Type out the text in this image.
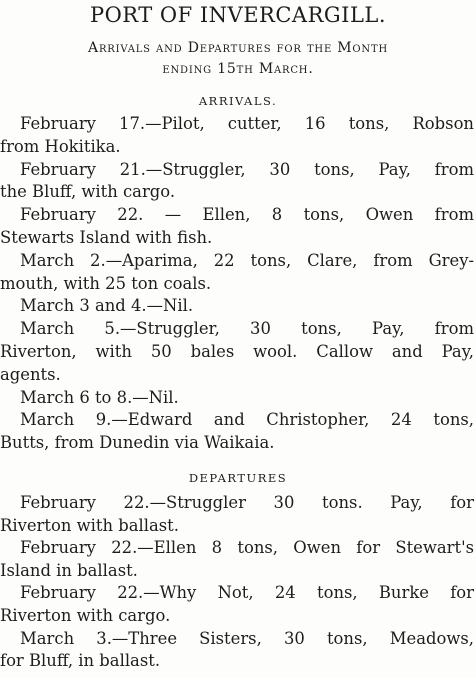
PORT OF INVERCARGILL.
Arrivals and Departures for the Month
ending 15th March.
ARRIVALS.
February 17.—Pilot, cutter, 16 tons, Robson
from Hokitika.
February 21.—Struggler, 30 tons, Pay, from
the Bluff, with cargo.
February 22. — Ellen, 8 tons, Owen from
Stewarts Island with fish.
March 2.—Aparima, 22 tons, Clare, from Grey-
mouth, with 25 ton coals.
March 3 and 4.—Nil.
March 5.—Struggler, 30 tons, Pay, from
Riverton, with 50 bales wool. Callow and Pay,
agents.
March 6 to 8.—Nil.
March 9.—Edward and Christopher, 24 tons,
Butts, from Dunedin via Waikaia.
DEPARTURES
February 22.—Struggler 30 tons. Pay, for
Riverton with ballast.
February 22.—Ellen 8 tons, Owen for Stewart's
Island in ballast.
February 22.—Why Not, 24 tons, Burke for
Riverton with cargo.
March 3.—Three Sisters, 30 tons, Meadows,
for Bluff, in ballast.
